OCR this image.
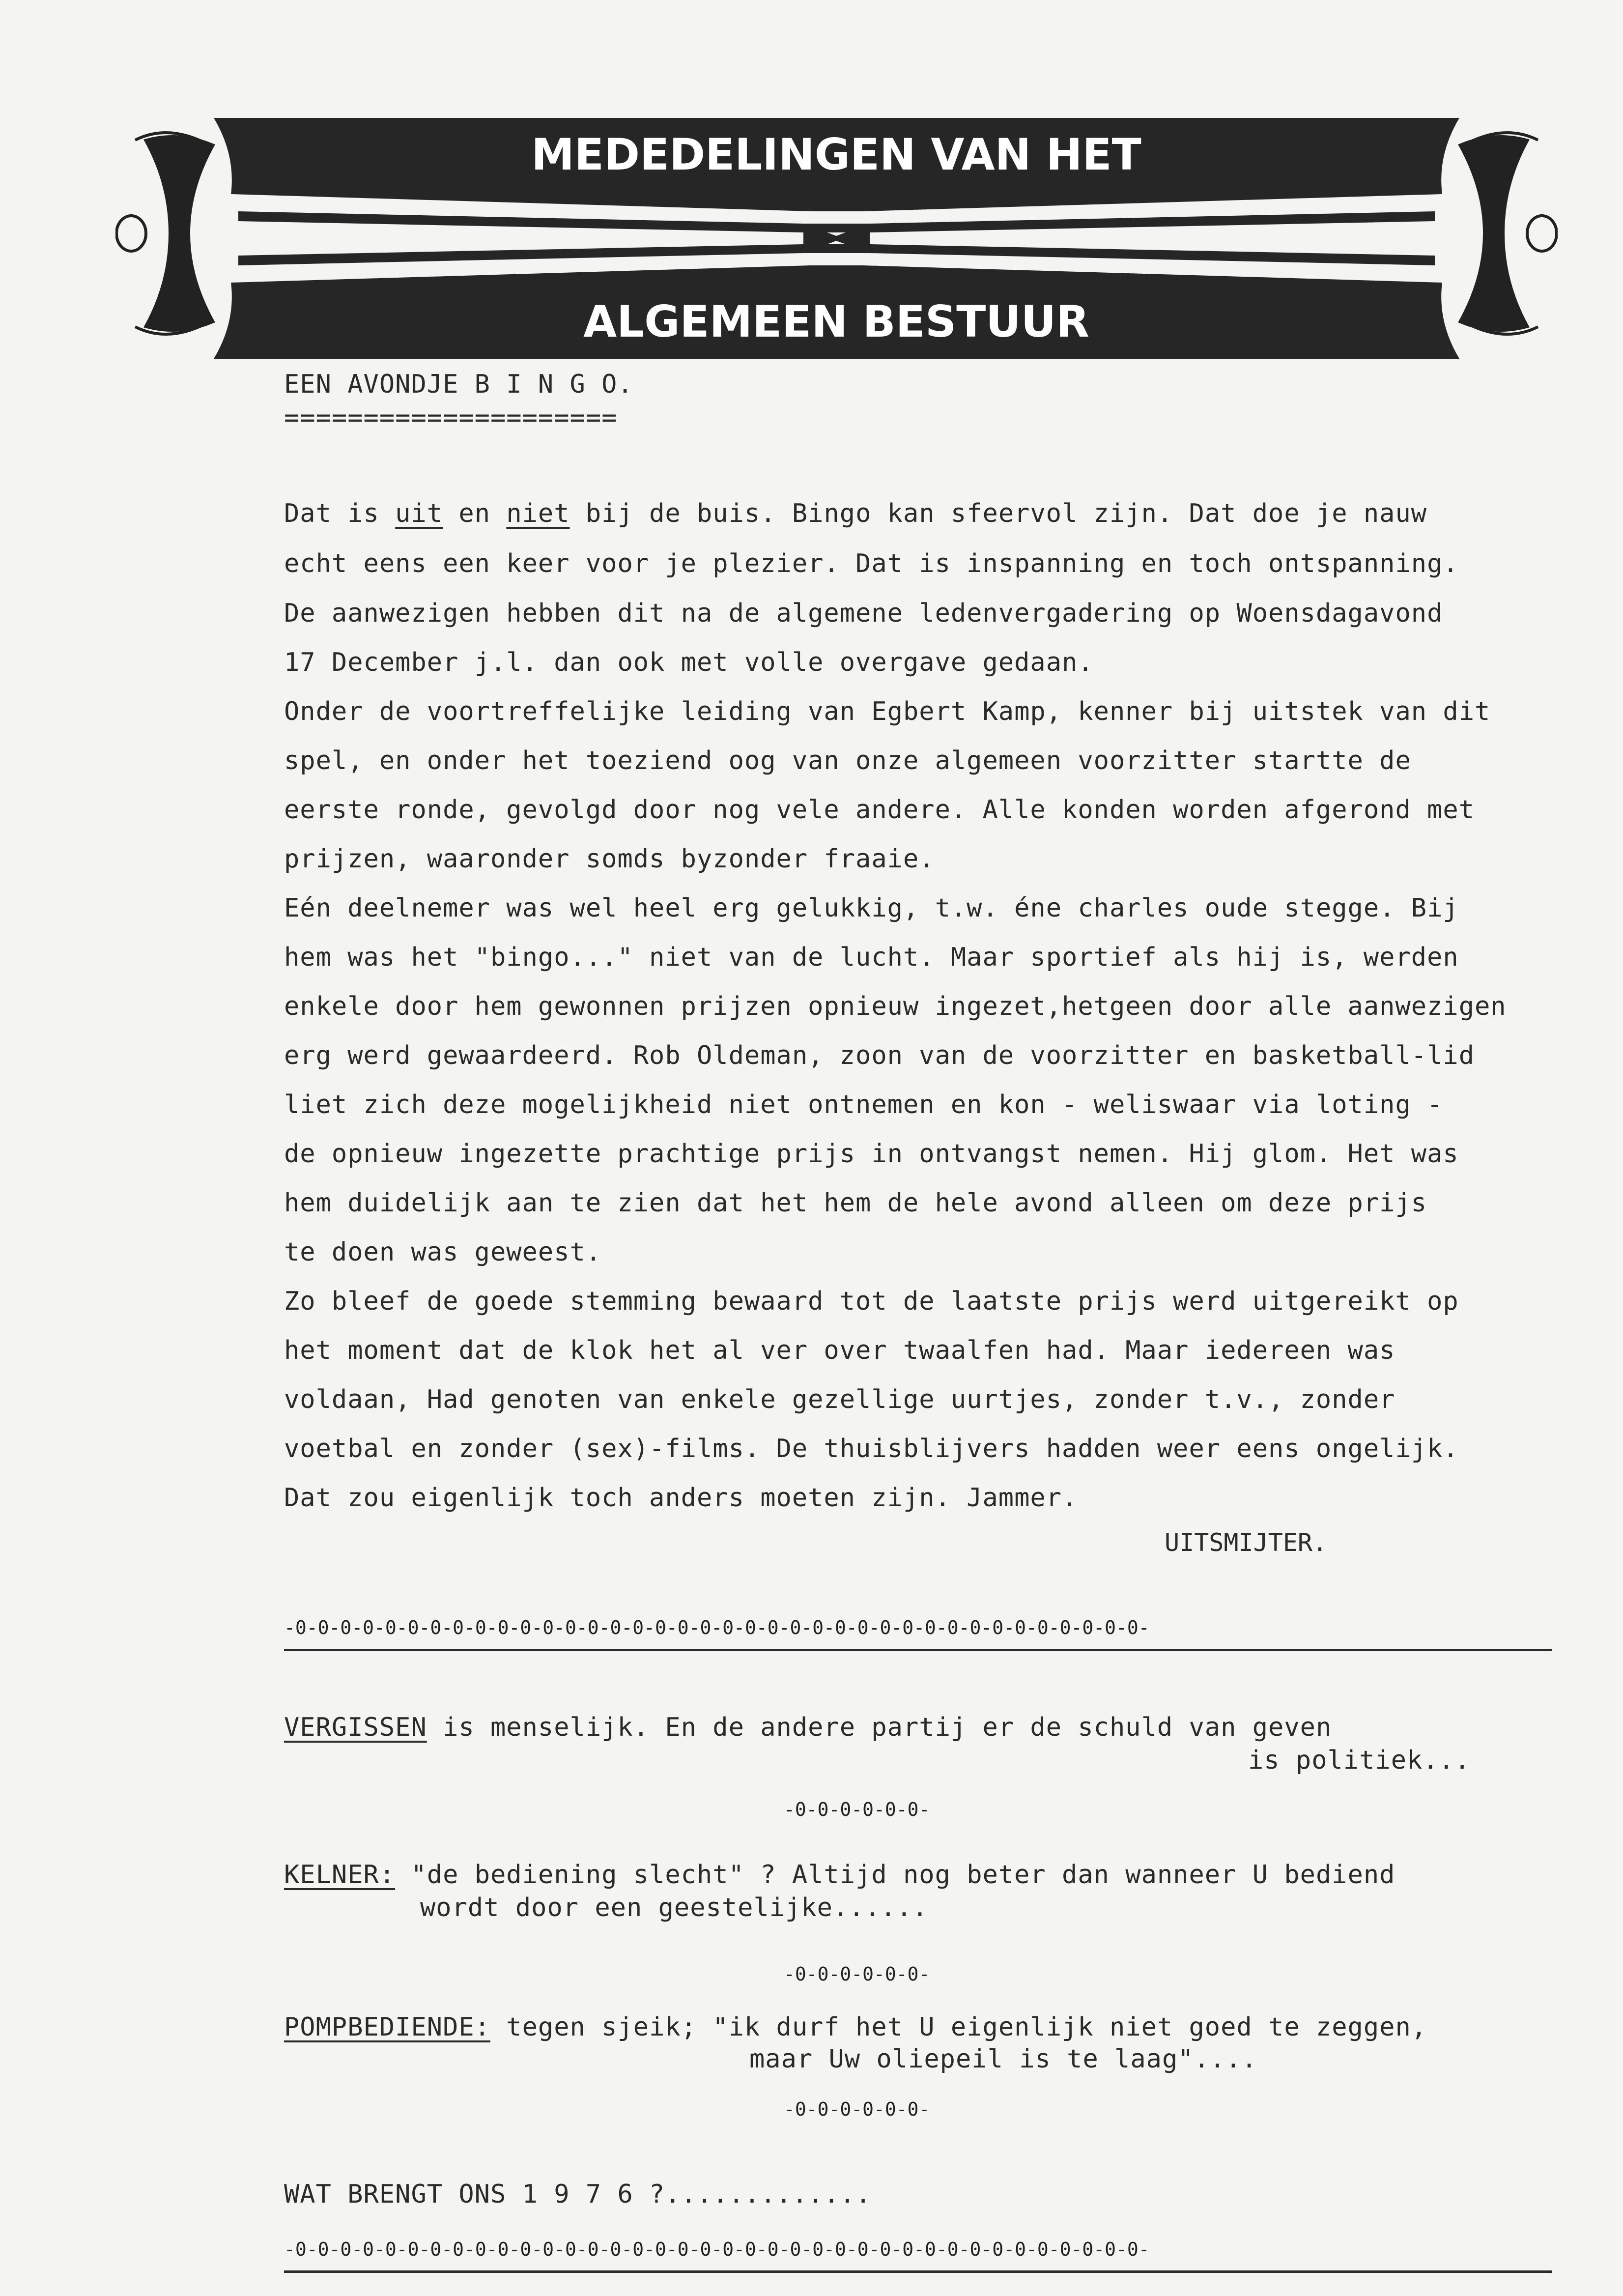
MEDEDELINGEN VAN HET
ALGEMEEN BESTUUR
EEN AVONDJE B I N G O.
=====================
Dat is uit en niet bij de buis. Bingo kan sfeervol zijn. Dat doe je nauw
echt eens een keer voor je plezier. Dat is inspanning en toch ontspanning.
De aanwezigen hebben dit na de algemene ledenvergadering op Woensdagavond
17 December j.l. dan ook met volle overgave gedaan.
Onder de voortreffelijke leiding van Egbert Kamp, kenner bij uitstek van dit
spel, en onder het toeziend oog van onze algemeen voorzitter startte de
eerste ronde, gevolgd door nog vele andere. Alle konden worden afgerond met
prijzen, waaronder somds byzonder fraaie.
Eén deelnemer was wel heel erg gelukkig, t.w. éne charles oude stegge. Bij
hem was het "bingo..." niet van de lucht. Maar sportief als hij is, werden
enkele door hem gewonnen prijzen opnieuw ingezet,hetgeen door alle aanwezigen
erg werd gewaardeerd. Rob Oldeman, zoon van de voorzitter en basketball-lid
liet zich deze mogelijkheid niet ontnemen en kon - weliswaar via loting -
de opnieuw ingezette prachtige prijs in ontvangst nemen. Hij glom. Het was
hem duidelijk aan te zien dat het hem de hele avond alleen om deze prijs
te doen was geweest.
Zo bleef de goede stemming bewaard tot de laatste prijs werd uitgereikt op
het moment dat de klok het al ver over twaalfen had. Maar iedereen was
voldaan, Had genoten van enkele gezellige uurtjes, zonder t.v., zonder
voetbal en zonder (sex)-films. De thuisblijvers hadden weer eens ongelijk.
Dat zou eigenlijk toch anders moeten zijn. Jammer.
UITSMIJTER.
-0-0-0-0-0-0-0-0-0-0-0-0-0-0-0-0-0-0-0-0-0-0-0-0-0-0-0-0-0-0-0-0-0-0-0-0-0-0-
VERGISSEN is menselijk. En de andere partij er de schuld van geven
is politiek...
-0-0-0-0-0-0-
KELNER: "de bediening slecht" ? Altijd nog beter dan wanneer U bediend
wordt door een geestelijke......
-0-0-0-0-0-0-
POMPBEDIENDE: tegen sjeik; "ik durf het U eigenlijk niet goed te zeggen,
maar Uw oliepeil is te laag"....
-0-0-0-0-0-0-
WAT BRENGT ONS 1 9 7 6 ?.............
-0-0-0-0-0-0-0-0-0-0-0-0-0-0-0-0-0-0-0-0-0-0-0-0-0-0-0-0-0-0-0-0-0-0-0-0-0-0-
